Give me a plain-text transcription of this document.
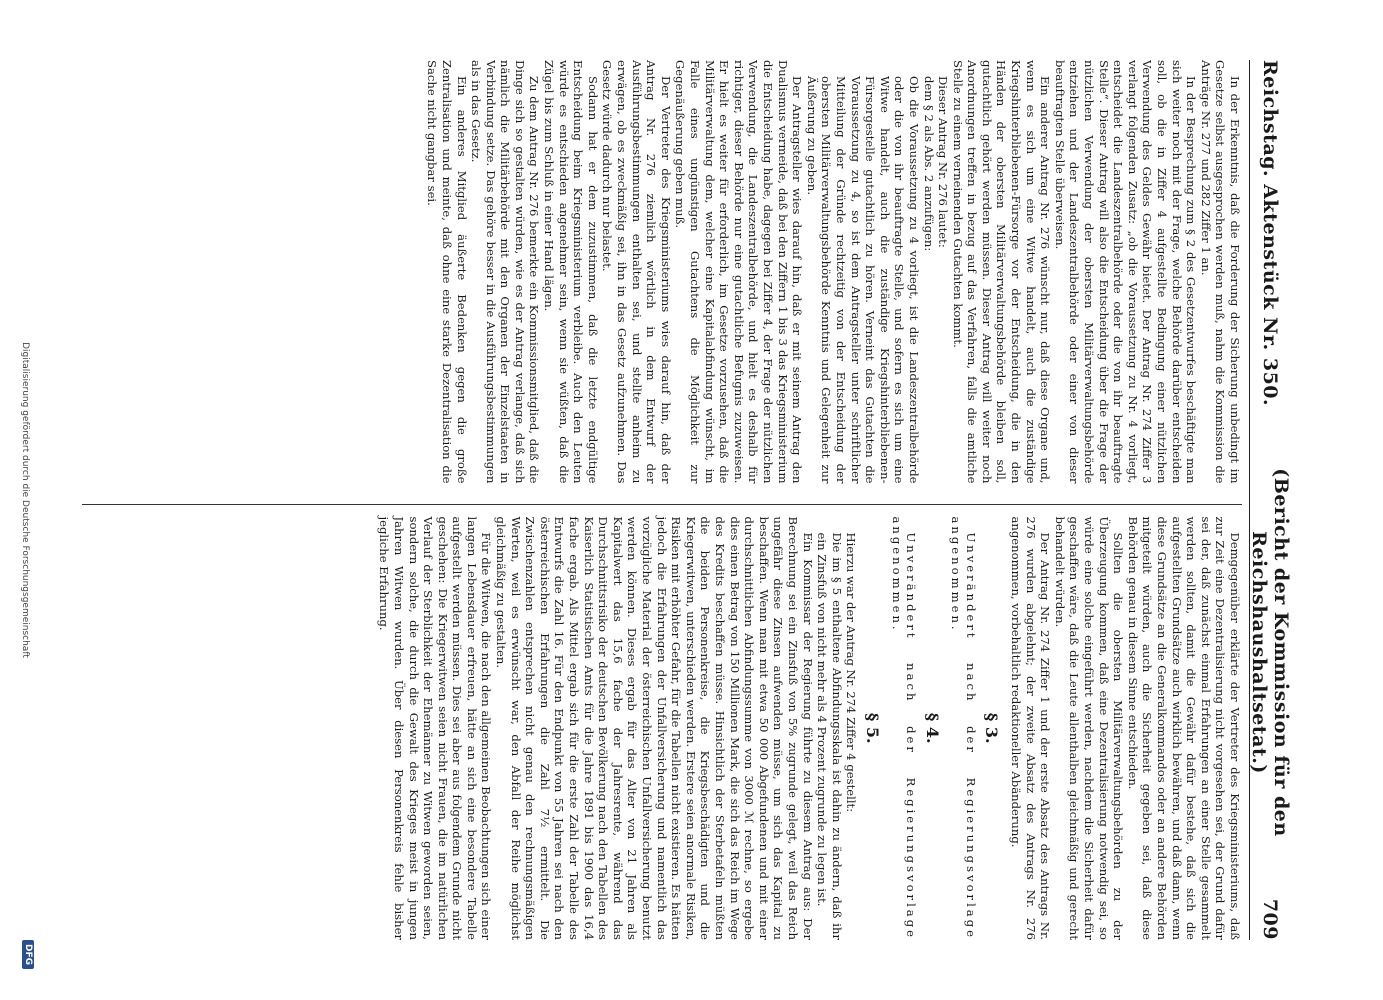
Reichstag. Aktenstück Nr. 350.
(Bericht der Kommission für den Reichshaushaltsetat.)
709

In der Erkenntnis, daß die Forderung der Sicherung unbedingt im Gesetze selbst ausgesprochen werden muß, nahm die Kommission die Anträge Nr. 277 und 282 Ziffer 1 an.

In der Besprechung zum § 2 des Gesetzentwurfes beschäftigte man sich weiter noch mit der Frage, welche Behörde darüber entscheiden soll, ob die in Ziffer 4 aufgestellte Bedingung einer nützlichen Verwendung des Geldes Gewähr bietet. Der Antrag Nr. 274 Ziffer 3 verlangt folgenden Zusatz: „ob die Voraussetzung zu Nr. 4 vorliegt, entscheidet die Landeszentralbehörde oder die von ihr beauftragte Stelle“. Dieser Antrag will also die Entscheidung über die Frage der nützlichen Verwendung der obersten Militärverwaltungsbehörde entziehen und der Landeszentralbehörde oder einer von dieser beauftragten Stelle überweisen.

Ein anderer Antrag Nr. 276 wünscht nur, daß diese Organe und, wenn es sich um eine Witwe handelt, auch die zuständige Kriegshinterbliebenen-Fürsorge vor der Entscheidung, die in den Händen der obersten Militärverwaltungsbehörde bleiben soll, gutachtlich gehört werden müssen. Dieser Antrag will weiter noch Anordnungen treffen in bezug auf das Verfahren, falls die amtliche Stelle zu einem verneinenden Gutachten kommt.

Dieser Antrag Nr. 276 lautet:

dem § 2 als Abs. 2 anzufügen:

Ob die Voraussetzung zu 4 vorliegt, ist die Landeszentralbehörde oder die von ihr beauftragte Stelle, und sofern es sich um eine Witwe handelt, auch die zuständige Kriegshinterbliebenen-Fürsorgestelle gutachtlich zu hören. Verneint das Gutachten die Voraussetzung zu 4, so ist dem Antragsteller unter schriftlicher Mitteilung der Gründe rechtzeitig von der Entscheidung der obersten Militärverwaltungsbehörde Kenntnis und Gelegenheit zur Äußerung zu geben.

Der Antragsteller wies darauf hin, daß er mit seinem Antrag den Dualismus vermeide, daß bei den Ziffern 1 bis 3 das Kriegsministerium die Entscheidung habe, dagegen bei Ziffer 4, der Frage der nützlichen Verwendung, die Landeszentralbehörde, und hielt es deshalb für richtiger, dieser Behörde nur eine gutachtliche Befugnis zuzuweisen. Er hielt es weiter für erforderlich, im Gesetze vorzusehen, daß die Militärverwaltung dem, welcher eine Kapitalabfindung wünscht, im Falle eines ungünstigen Gutachtens die Möglichkeit zur Gegenäußerung geben muß.

Der Vertreter des Kriegsministeriums wies darauf hin, daß der Antrag Nr. 276 ziemlich wörtlich in dem Entwurf der Ausführungsbestimmungen enthalten sei, und stellte anheim zu erwägen, ob es zweckmäßig sei, ihn in das Gesetz aufzunehmen. Das Gesetz würde dadurch nur belastet.

Sodann hat er dem zuzustimmen, daß die letzte endgültige Entscheidung beim Kriegsministerium verbleibe. Auch den Leuten würde es entschieden angenehmer sein, wenn sie wüßten, daß die Zügel bis zum Schluß in einer Hand lägen.

Zu dem Antrag Nr. 276 bemerkte ein Kommissionsmitglied, daß die Dinge sich so gestalten würden, wie es der Antrag verlange, daß sich nämlich die Militärbehörde mit den Organen der Einzelstaaten in Verbindung setze. Das gehöre besser in die Ausführungsbestimmungen als in das Gesetz.

Ein anderes Mitglied äußerte Bedenken gegen die große Zentralisation und meinte, daß ohne eine starke Dezentralisation die Sache nicht gangbar sei.

Demgegenüber erklärte der Vertreter des Kriegsministeriums, daß zur Zeit eine Dezentralisierung nicht vorgesehen sei, der Grund dafür sei der, daß zunächst einmal Erfahrungen an einer Stelle gesammelt werden sollten, damit die Gewähr dafür bestehe, daß sich die aufgestellten Grundsätze auch wirklich bewähren, und daß dann, wenn diese Grundsätze an die Generalkommandos oder an andere Behörden mitgeteilt würden, auch die Sicherheit gegeben sei, daß diese Behörden genau in diesem Sinne entschieden.

Sollten die obersten Militärverwaltungsbehörden zu der Überzeugung kommen, daß eine Dezentralisierung notwendig sei, so würde eine solche eingeführt werden, nachdem die Sicherheit dafür geschaffen wäre, daß die Leute allenthalben gleichmäßig und gerecht behandelt würden.

Der Antrag Nr. 274 Ziffer 1 und der erste Absatz des Antrags Nr. 276 wurden abgelehnt; der zweite Absatz des Antrags Nr. 276 angenommen, vorbehaltlich redaktioneller Abänderung.

§ 3.

Unverändert nach der Regierungsvorlage angenommen.

§ 4.

Unverändert nach der Regierungsvorlage angenommen.

§ 5.

Hierzu war der Antrag Nr. 274 Ziffer 4 gestellt:

Die im § 5 enthaltene Abfindungsskala ist dahin zu ändern, daß ihr ein Zinsfuß von nicht mehr als 4 Prozent zugrunde zu legen ist.

Ein Kommissar der Regierung führte zu diesem Antrag aus: Der Berechnung sei ein Zinsfuß von 5% zugrunde gelegt, weil das Reich ungefähr diese Zinsen aufwenden müsse, um sich das Kapital zu beschaffen. Wenn man mit etwa 50 000 Abgefundenen und mit einer durchschnittlichen Abfindungssumme von 3000 ℳ rechne, so ergebe dies einen Betrag von 150 Millionen Mark, die sich das Reich im Wege des Kredits beschaffen müsse. Hinsichtlich der Sterbetafeln müßten die beiden Personenkreise, die Kriegsbeschädigten und die Kriegerwitwen, unterschieden werden. Erstere seien anormale Risiken, Risiken mit erhöhter Gefahr, für die Tabellen nicht existieren. Es hätten jedoch die Erfahrungen der Unfallversicherung und namentlich das vorzügliche Material der österreichischen Unfallversicherung benutzt werden können. Dieses ergab für das Alter von 21 Jahren als Kapitalwert das 15,6 fache der Jahresrente, während das Durchschnittsrisiko der deutschen Bevölkerung nach den Tabellen des Kaiserlich Statistischen Amts für die Jahre 1891 bis 1900 das 16,4 fache ergab. Als Mittel ergab sich für die erste Zahl der Tabelle des Entwurfs die Zahl 16. Für den Endpunkt von 55 Jahren sei nach den österreichischen Erfahrungen die Zahl 7½ ermittelt. Die Zwischenzahlen entsprechen nicht genau den rechnungsmäßigen Werten, weil es erwünscht war, den Abfall der Reihe möglichst gleichmäßig zu gestalten.

Für die Witwen, die nach den allgemeinen Beobachtungen sich einer langen Lebensdauer erfreuen, hätte an sich eine besondere Tabelle aufgestellt werden müssen. Dies sei aber aus folgendem Grunde nicht geschehen: Die Kriegerwitwen seien nicht Frauen, die im natürlichen Verlauf der Sterblichkeit der Ehemänner zu Witwen geworden seien, sondern solche, die durch die Gewalt des Krieges meist in jungen Jahren Witwen wurden. Über diesen Personenkreis fehle bisher jegliche Erfahrung.

Digitalisierung gefördert durch die Deutsche Forschungsgemeinschaft
DFG
